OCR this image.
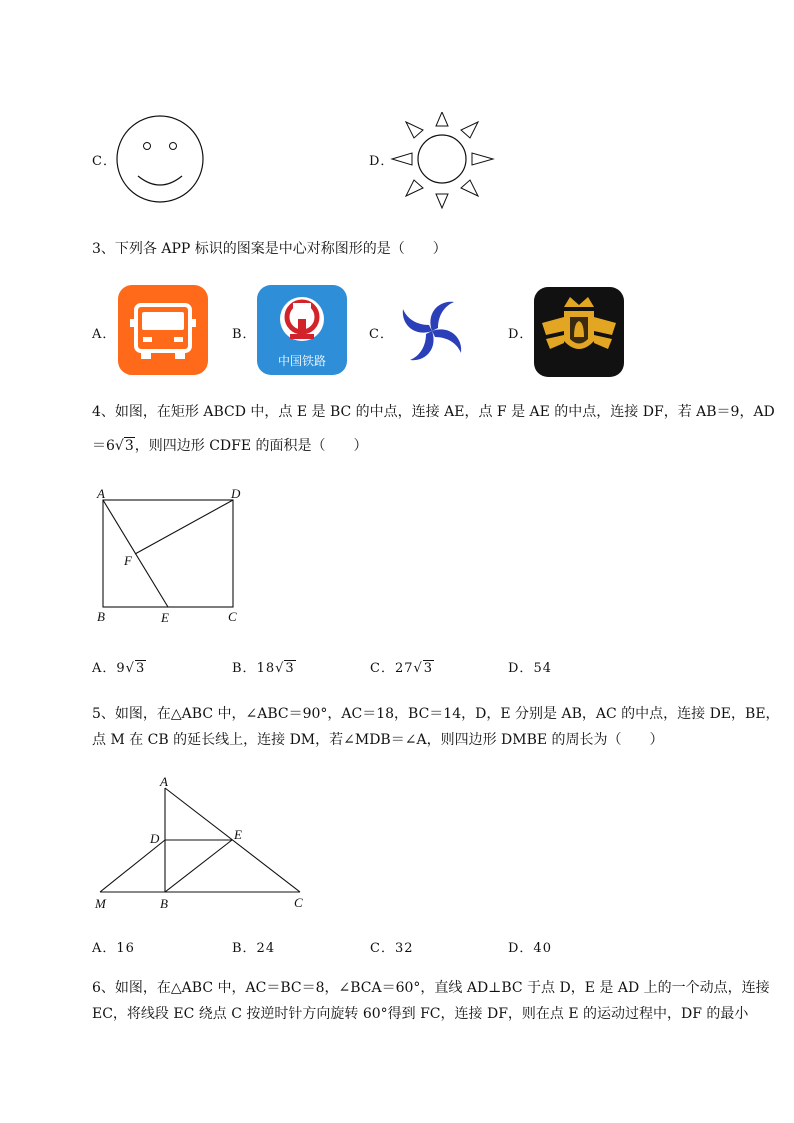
C．	D．
3、下列各 APP 标识的图案是中心对称图形的是（　　）
A．	B．
中国铁路
C．	D．
4、如图，在矩形 ABCD 中，点 E 是 BC 的中点，连接 AE，点 F 是 AE 的中点，连接 DF，若 AB＝9，AD
＝6√3，则四边形 CDFE 的面积是（　　）
A	D
F
B	E	C
A．9√3	B．18√3	C．27√3	D．54
5、如图，在△ABC 中，∠ABC＝90°，AC＝18，BC＝14，D，E 分别是 AB，AC 的中点，连接 DE，BE，
点 M 在 CB 的延长线上，连接 DM，若∠MDB＝∠A，则四边形 DMBE 的周长为（　　）
A
D	E
M	B	C
A．16	B．24	C．32	D．40
6、如图，在△ABC 中，AC＝BC＝8，∠BCA＝60°，直线 AD⊥BC 于点 D，E 是 AD 上的一个动点，连接
EC，将线段 EC 绕点 C 按逆时针方向旋转 60°得到 FC，连接 DF，则在点 E 的运动过程中，DF 的最小
